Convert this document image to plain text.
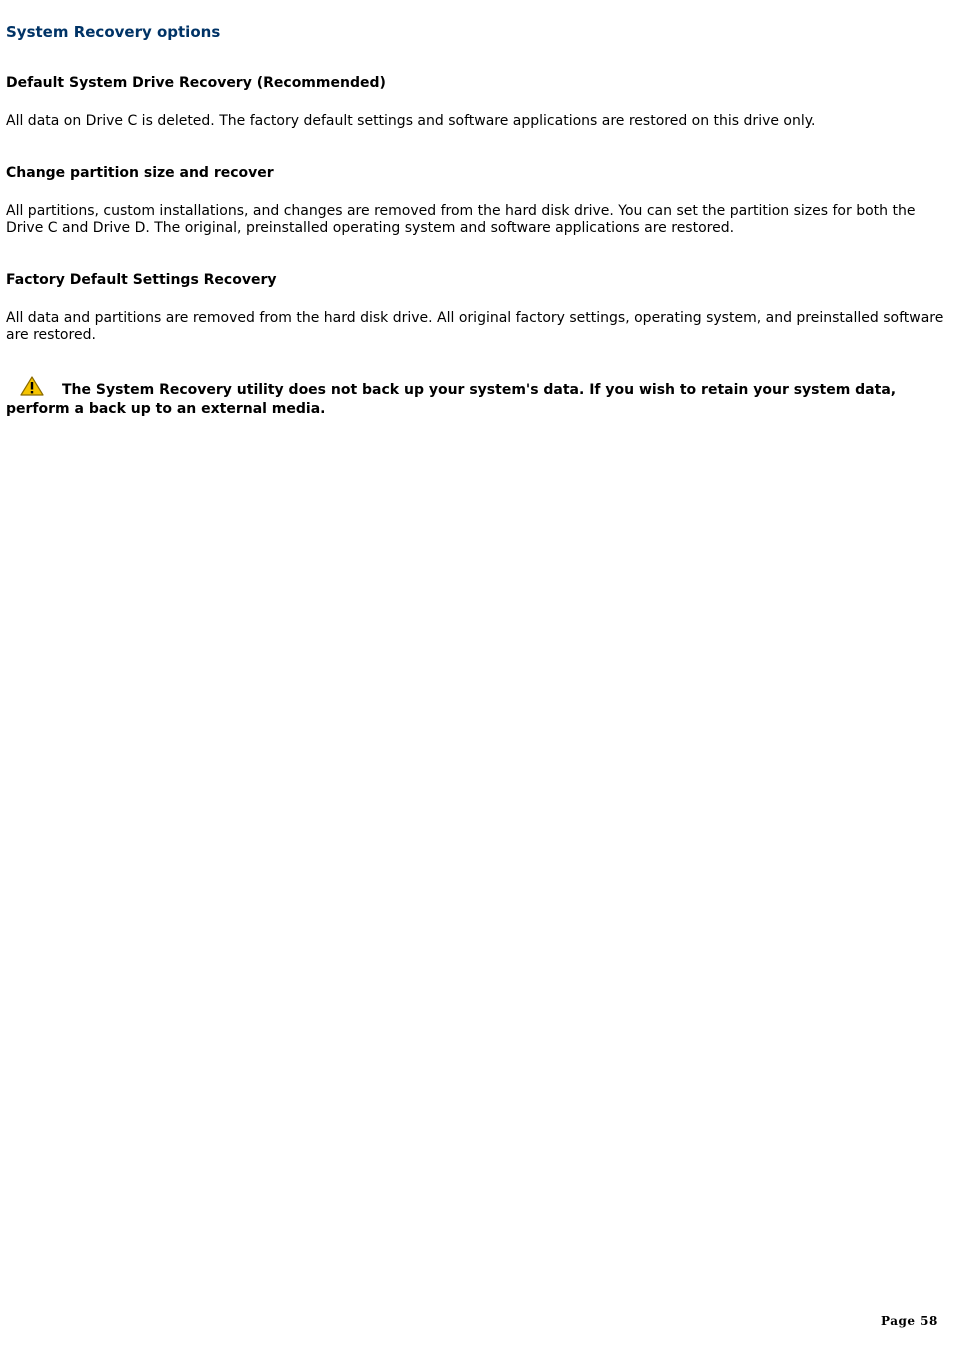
System Recovery options
Default System Drive Recovery (Recommended)

All data on Drive C is deleted. The factory default settings and software applications are restored on this drive only.

Change partition size and recover

All partitions, custom installations, and changes are removed from the hard disk drive. You can set the partition sizes for both the Drive C and Drive D. The original, preinstalled operating system and software applications are restored.

Factory Default Settings Recovery

All data and partitions are removed from the hard disk drive. All original factory settings, operating system, and preinstalled software are restored.

The System Recovery utility does not back up your system's data. If you wish to retain your system data, perform a back up to an external media.

Page 58
